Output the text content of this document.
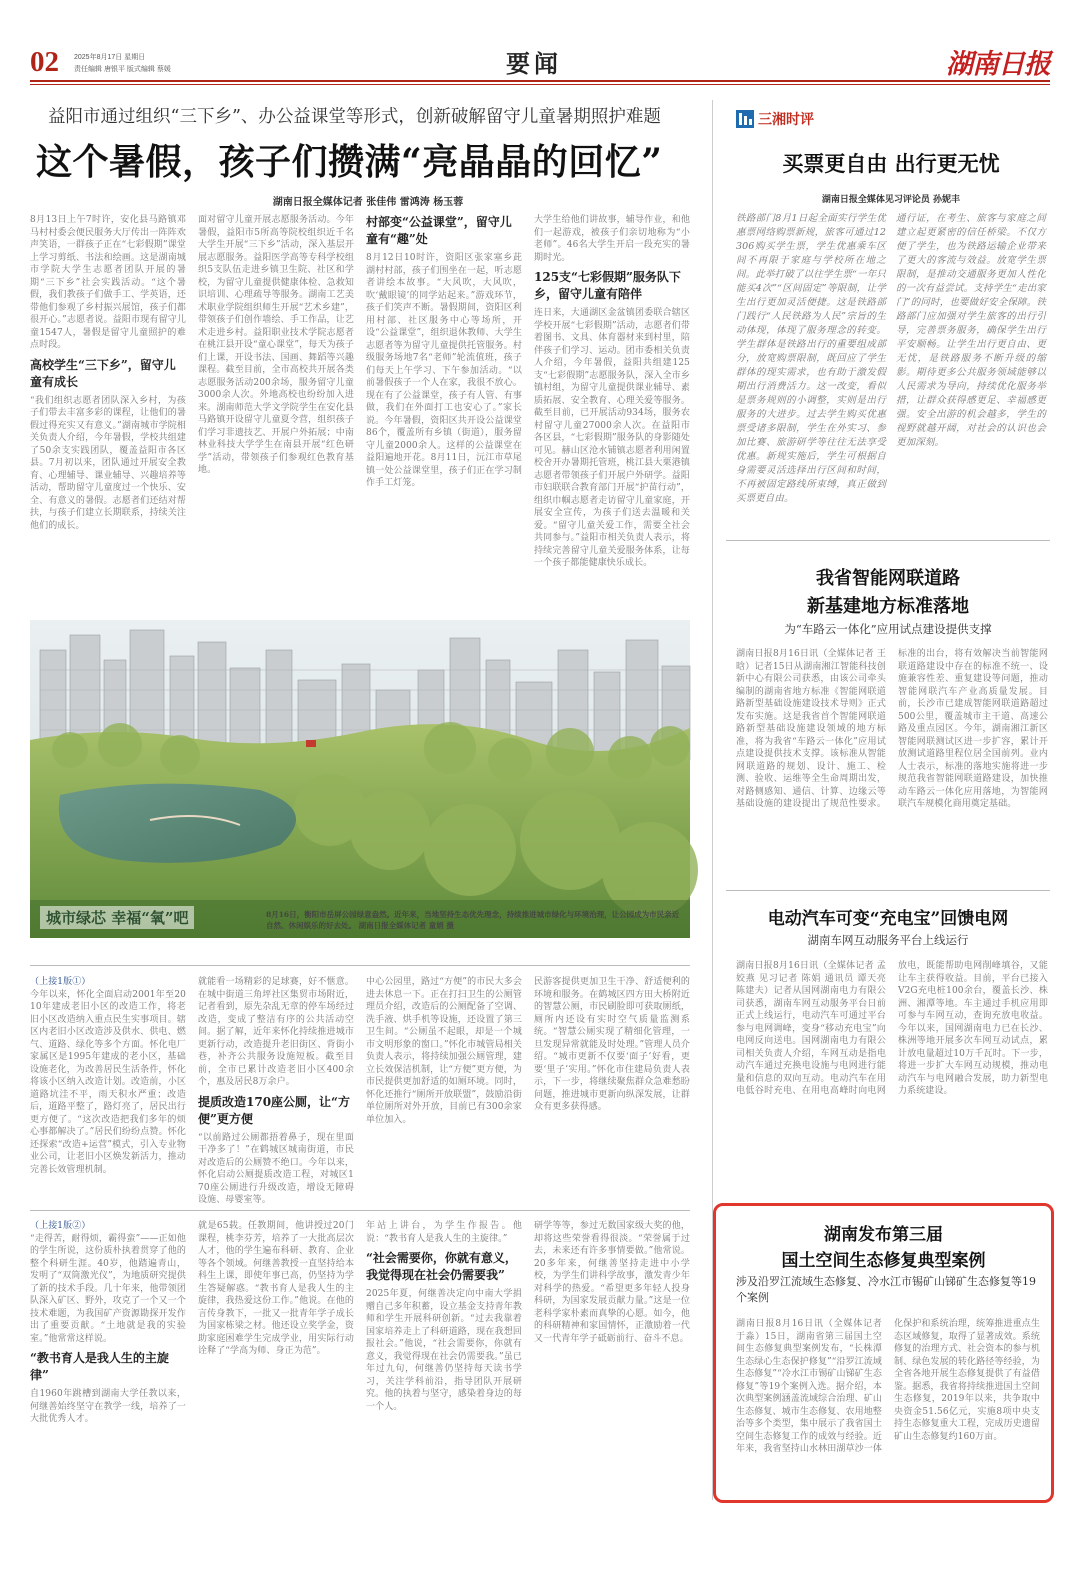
02 2025年8月17日 星期日
责任编辑 唐银平 版式编辑 蔡媛	要闻	湖南日报
益阳市通过组织“三下乡”、办公益课堂等形式，创新破解留守儿童暑期照护难题
这个暑假，孩子们攒满“亮晶晶的回忆”
湖南日报全媒体记者 张佳伟 雷鸿涛 杨玉蓉
8月13日上午7时许，安化县马路镇邓马村村委会便民服务大厅传出一阵阵欢声笑语，一群孩子正在“七彩假期”课堂上学习剪纸、书法和绘画。这是湖南城市学院大学生志愿者团队开展的暑期“三下乡”社会实践活动。“这个暑假，我们教孩子们做手工、学英语，还带他们参观了乡村振兴展馆，孩子们都很开心。”志愿者说。益阳市现有留守儿童1547人，暑假是留守儿童照护的难点时段。
高校学生“三下乡”，留守儿童有成长
“我们组织志愿者团队深入乡村，为孩子们带去丰富多彩的课程，让他们的暑假过得充实又有意义。”湖南城市学院相关负责人介绍，今年暑假，学校共组建了50余支实践团队，覆盖益阳市各区县。7月初以来，团队通过开展安全教育、心理辅导、课业辅导、兴趣培养等活动，帮助留守儿童度过一个快乐、安全、有意义的暑假。志愿者们还结对帮扶，与孩子们建立长期联系，持续关注他们的成长。
面对留守儿童开展志愿服务活动。今年暑假，益阳市5所高等院校组织近千名大学生开展“三下乡”活动，深入基层开展志愿服务。益阳医学高等专科学校组织5支队伍走进乡镇卫生院、社区和学校，为留守儿童提供健康体检、急救知识培训、心理疏导等服务。湖南工艺美术职业学院组织师生开展“艺术乡建”，带领孩子们创作墙绘、手工作品，让艺术走进乡村。益阳职业技术学院志愿者在桃江县开设“童心课堂”，每天为孩子们上课，开设书法、国画、舞蹈等兴趣课程。截至目前，全市高校共开展各类志愿服务活动200余场，服务留守儿童3000余人次。外地高校也纷纷加入进来。湖南师范大学文学院学生在安化县马路镇开设留守儿童夏令营，组织孩子们学习非遗技艺、开展户外拓展；中南林业科技大学学生在南县开展“红色研学”活动，带领孩子们参观红色教育基地。
村部变“公益课堂”，留守儿童有“趣”处
8月12日10时许，资阳区张家塞乡茈湖村村部，孩子们围坐在一起，听志愿者讲绘本故事。“大风吹，大风吹，吹‘戴眼镜’的同学站起来。”游戏环节，孩子们笑声不断。暑假期间，资阳区利用村部、社区服务中心等场所，开设“公益课堂”，组织退休教师、大学生志愿者等为留守儿童提供托管服务。村级服务场地7名“老师”轮流值班，孩子们每天上午学习、下午参加活动。“以前暑假孩子一个人在家，我很不放心。现在有了公益课堂，孩子有人管、有事做，我们在外面打工也安心了。”家长说。今年暑假，资阳区共开设公益课堂86个，覆盖所有乡镇（街道），服务留守儿童2000余人。这样的公益课堂在益阳遍地开花。8月11日，沅江市草尾镇一处公益课堂里，孩子们正在学习制作手工灯笼。
大学生给他们讲故事，辅导作业，和他们一起游戏，被孩子们亲切地称为“小老师”。46名大学生开启一段充实的暑期时光。
125支“七彩假期”服务队下乡，留守儿童有陪伴
连日来，大通湖区金盆镇团委联合辖区学校开展“七彩假期”活动，志愿者们带着图书、文具、体育器材来到村里，陪伴孩子们学习、运动。团市委相关负责人介绍，今年暑假，益阳共组建125支“七彩假期”志愿服务队，深入全市乡镇村组，为留守儿童提供课业辅导、素质拓展、安全教育、心理关爱等服务。截至目前，已开展活动934场，服务农村留守儿童27000余人次。在益阳市各区县，“七彩假期”服务队的身影随处可见。赫山区沧水铺镇志愿者利用闲置校舍开办暑期托管班，桃江县大栗港镇志愿者带领孩子们开展户外研学。益阳市妇联联合教育部门开展“护苗行动”，组织巾帼志愿者走访留守儿童家庭，开展安全宣传，为孩子们送去温暖和关爱。“留守儿童关爱工作，需要全社会共同参与。”益阳市相关负责人表示，将持续完善留守儿童关爱服务体系，让每一个孩子都能健康快乐成长。
城市绿芯 幸福“氧”吧	8月16日，衡阳市岳屏公园绿意盎然。近年来，当地坚持生态优先理念，持续推进城市绿化与环境治理，让公园成为市民亲近自然、休闲娱乐的好去处。 湖南日报全媒体记者 童娟 摄
（上接1版①）
今年以来，怀化全面启动2001年至2010年建成老旧小区的改造工作，将老旧小区改造纳入重点民生实事项目。辖区内老旧小区改造涉及供水、供电、燃气、道路、绿化等多个方面。怀化电厂家属区是1995年建成的老小区，基础设施老化，为改善居民生活条件，怀化将该小区纳入改造计划。改造前，小区道路坑洼不平，雨天积水严重；改造后，道路平整了，路灯亮了，居民出行更方便了。“这次改造把我们多年的烦心事都解决了。”居民们纷纷点赞。怀化还探索“改造+运营”模式，引入专业物业公司，让老旧小区焕发新活力，推动完善长效管理机制。
就能看一场精彩的足球赛，好不惬意。在城中街道三角坪社区集贸市场附近，记者看到，原先杂乱无章的停车场经过改造，变成了整洁有序的公共活动空间。据了解，近年来怀化持续推进城市更新行动，改造提升老旧街区、背街小巷，补齐公共服务设施短板。截至目前，全市已累计改造老旧小区400余个，惠及居民8万余户。
提质改造170座公厕，让“方便”更方便
“以前路过公厕都捂着鼻子，现在里面干净多了！”在鹤城区城南街道，市民对改造后的公厕赞不绝口。今年以来，怀化启动公厕提质改造工程，对城区170座公厕进行升级改造，增设无障碍设施、母婴室等。
中心公园里，路过“方便”的市民大多会进去休息一下。正在打扫卫生的公厕管理员介绍，改造后的公厕配备了空调、洗手液、烘手机等设施，还设置了第三卫生间。“公厕虽不起眼，却是一个城市文明形象的窗口。”怀化市城管局相关负责人表示，将持续加强公厕管理，建立长效保洁机制，让“方便”更方便，为市民提供更加舒适的如厕环境。同时，怀化还推行“厕所开放联盟”，鼓励沿街单位厕所对外开放，目前已有300余家单位加入。
民游客提供更加卫生干净、舒适便利的环境和服务。在鹤城区四方田大桥附近的智慧公厕，市民刷脸即可获取厕纸，厕所内还设有实时空气质量监测系统。“智慧公厕实现了精细化管理，一旦发现异常就能及时处理。”管理人员介绍。“城市更新不仅要‘面子’好看，更要‘里子’实用。”怀化市住建局负责人表示，下一步，将继续聚焦群众急难愁盼问题，推进城市更新向纵深发展，让群众有更多获得感。
（上接1版②）
“走得苦，耐得烦，霸得蛮”——正如他的学生所说，这份质朴执着贯穿了他的整个科研生涯。40岁，他踏遍青山，发明了“双筒激光仪”，为地质研究提供了新的技术手段。几十年来，他带领团队深入矿区、野外，攻克了一个又一个技术难题，为我国矿产资源勘探开发作出了重要贡献。“土地就是我的实验室。”他常常这样说。
“教书育人是我人生的主旋律”
自1960年跳槽到湖南大学任教以来，何继善始终坚守在教学一线，培养了一大批优秀人才。
就是65载。任教期间，他讲授过20门课程，桃李芬芳，培养了一大批高层次人才，他的学生遍布科研、教育、企业等各个领域。何继善教授一直坚持给本科生上课，即使年事已高，仍坚持为学生答疑解惑。“教书育人是我人生的主旋律，我热爱这份工作。”他说。在他的言传身教下，一批又一批青年学子成长为国家栋梁之材。他还设立奖学金，资助家庭困难学生完成学业，用实际行动诠释了“学高为师、身正为范”。
年站上讲台，为学生作报告。他说：“教书育人是我人生的主旋律。”
“社会需要你，你就有意义，我觉得现在社会仍需要我”
2025年夏，何继善决定向中南大学捐赠自己多年积蓄，设立基金支持青年教师和学生开展科研创新。“过去我靠着国家培养走上了科研道路，现在我想回报社会。”他说，“社会需要你，你就有意义，我觉得现在社会仍需要我。”虽已年过九旬，何继善仍坚持每天读书学习，关注学科前沿，指导团队开展研究。他的执着与坚守，感染着身边的每一个人。
研学等等，参过无数国家级大奖的他，却将这些荣誉看得很淡。“荣誉属于过去，未来还有许多事情要做。”他常说。20多年来，何继善坚持走进中小学校，为学生们讲科学故事，激发青少年对科学的热爱。“希望更多年轻人投身科研，为国家发展贡献力量。”这是一位老科学家朴素而真挚的心愿。如今，他的科研精神和家国情怀，正激励着一代又一代青年学子砥砺前行、奋斗不息。
三湘时评
买票更自由 出行更无忧
湖南日报全媒体见习评论员 孙妮丰
铁路部门8月1日起全面实行学生优惠票网络购票新规，旅客可通过12306购买学生票，学生优惠乘车区间不再限于家庭与学校所在地之间。此举打破了以往学生票“一年只能买4次”“区间固定”等限制，让学生出行更加灵活便捷。这是铁路部门践行“人民铁路为人民”宗旨的生动体现，体现了服务理念的转变。学生群体是铁路出行的重要组成部分，放宽购票限制，既回应了学生群体的现实需求，也有助于激发假期出行消费活力。这一改变，看似是票务规则的小调整，实则是出行服务的大进步。过去学生购买优惠票受诸多限制，学生在外实习、参加比赛、旅游研学等往往无法享受优惠。新规实施后，学生可根据自身需要灵活选择出行区间和时间，不再被固定路线所束缚，真正做到买票更自由。
通行证，在考生、旅客与家庭之间建立起更紧密的信任桥梁。不仅方便了学生，也为铁路运输企业带来了更大的客流与效益。放宽学生票限制，是推动交通服务更加人性化的一次有益尝试。支持学生“走出家门”的同时，也要做好安全保障。铁路部门应加强对学生旅客的出行引导，完善票务服务，确保学生出行平安顺畅。让学生出行更自由、更无忧，是铁路服务不断升级的缩影。期待更多公共服务领域能够以人民需求为导向，持续优化服务举措，让群众获得感更足、幸福感更强。安全出游的机会越多，学生的视野就越开阔，对社会的认识也会更加深刻。
我省智能网联道路
新基建地方标准落地
为“车路云一体化”应用试点建设提供支撑
湖南日报8月16日讯（全媒体记者 王晗）记者15日从湖南湘江智能科技创新中心有限公司获悉，由该公司牵头编制的湖南省地方标准《智能网联道路新型基础设施建设技术导则》正式发布实施。这是我省首个智能网联道路新型基础设施建设领域的地方标准，将为我省“车路云一体化”应用试点建设提供技术支撑。该标准从智能网联道路的规划、设计、施工、检测、验收、运维等全生命周期出发，对路侧感知、通信、计算、边缘云等基础设施的建设提出了规范性要求。标准的出台，将有效解决当前智能网联道路建设中存在的标准不统一、设施兼容性差、重复建设等问题，推动智能网联汽车产业高质量发展。目前，长沙市已建成智能网联道路超过500公里，覆盖城市主干道、高速公路及重点园区。今年，湖南湘江新区智能网联测试区进一步扩容，累计开放测试道路里程位居全国前列。业内人士表示，标准的落地实施将进一步规范我省智能网联道路建设，加快推动车路云一体化应用落地，为智能网联汽车规模化商用奠定基础。
电动汽车可变“充电宝”回馈电网
湖南车网互动服务平台上线运行
湖南日报8月16日讯（全媒体记者 孟姣燕 见习记者 陈娟 通讯员 谭天亮 陈建夫）记者从国网湖南电力有限公司获悉，湖南车网互动服务平台日前正式上线运行，电动汽车可通过平台参与电网调峰，变身“移动充电宝”向电网反向送电。国网湖南电力有限公司相关负责人介绍，车网互动是指电动汽车通过充换电设施与电网进行能量和信息的双向互动。电动汽车在用电低谷时充电、在用电高峰时向电网放电，既能帮助电网削峰填谷，又能让车主获得收益。目前，平台已接入V2G充电桩100余台，覆盖长沙、株洲、湘潭等地。车主通过手机应用即可参与车网互动，查询充放电收益。今年以来，国网湖南电力已在长沙、株洲等地开展多次车网互动试点，累计放电量超过10万千瓦时。下一步，将进一步扩大车网互动规模，推动电动汽车与电网融合发展，助力新型电力系统建设。
湖南发布第三届
国土空间生态修复典型案例
涉及沿罗江流域生态修复、冷水江市锡矿山锑矿生态修复等19个案例
湖南日报8月16日讯（全媒体记者 于淼）15日，湖南省第三届国土空间生态修复典型案例发布，“长株潭生态绿心生态保护修复”“沿罗江流域生态修复”“冷水江市锡矿山锑矿生态修复”等19个案例入选。据介绍，本次典型案例涵盖流域综合治理、矿山生态修复、城市生态修复、农用地整治等多个类型，集中展示了我省国土空间生态修复工作的成效与经验。近年来，我省坚持山水林田湖草沙一体化保护和系统治理，统筹推进重点生态区域修复，取得了显著成效。系统修复的治理方式、社会资本的参与机制、绿色发展的转化路径等经验，为全省各地开展生态修复提供了有益借鉴。据悉，我省将持续推进国土空间生态修复，2019年以来，共争取中央资金51.56亿元，实施8项中央支持生态修复重大工程，完成历史遗留矿山生态修复约160万亩。
